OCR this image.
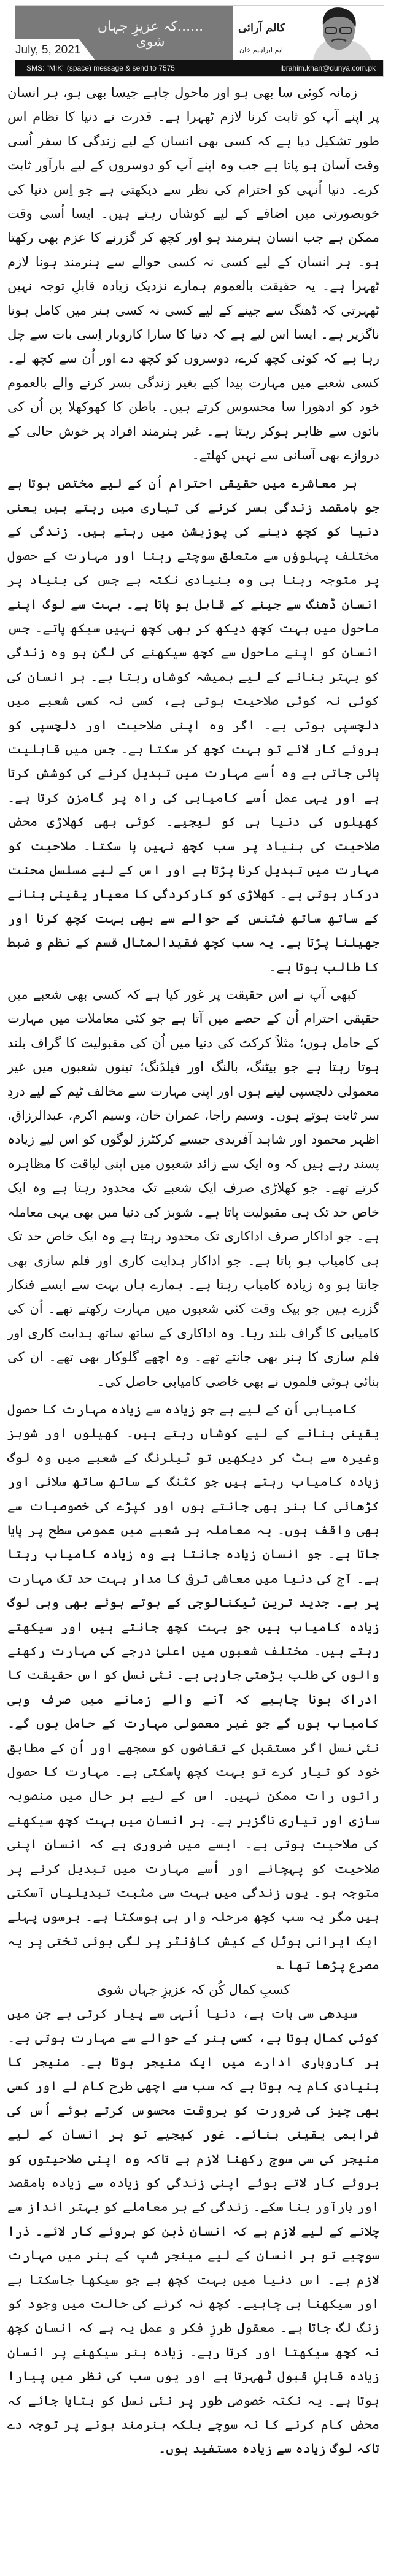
......کہ عزیزِ جہاں شوی
July, 5, 2021
کالم آرائی
ایم ابراہیم خان
SMS: "MIK" (space) message & send to 7575	ibrahim.khan@dunya.com.pk

زمانہ کوئی سا بھی ہو اور ماحول چاہے جیسا بھی ہو، ہر انسان پر اپنے آپ کو ثابت کرنا لازم ٹھہرا ہے۔ قدرت نے دنیا کا نظام اس طور تشکیل دیا ہے کہ کسی بھی انسان کے لیے زندگی کا سفر اُسی وقت آسان ہو پاتا ہے جب وہ اپنے آپ کو دوسروں کے لیے بارآور ثابت کرے۔ دنیا اُنہی کو احترام کی نظر سے دیکھتی ہے جو اِس دنیا کی خوبصورتی میں اضافے کے لیے کوشاں رہتے ہیں۔ ایسا اُسی وقت ممکن ہے جب انسان ہنرمند ہو اور کچھ کر گزرنے کا عزم بھی رکھتا ہو۔ ہر انسان کے لیے کسی نہ کسی حوالے سے ہنرمند ہونا لازم ٹھہرا ہے۔ یہ حقیقت بالعموم ہمارے نزدیک زیادہ قابلِ توجہ نہیں ٹھہرتی کہ ڈھنگ سے جینے کے لیے کسی نہ کسی ہنر میں کامل ہونا ناگزیر ہے۔ ایسا اس لیے ہے کہ دنیا کا سارا کاروبار اِسی بات سے چل رہا ہے کہ کوئی کچھ کرے، دوسروں کو کچھ دے اور اُن سے کچھ لے۔ کسی شعبے میں مہارت پیدا کیے بغیر زندگی بسر کرنے والے بالعموم خود کو ادھورا سا محسوس کرتے ہیں۔ باطن کا کھوکھلا پن اُن کی باتوں سے ظاہر ہوکر رہتا ہے۔ غیر ہنرمند افراد پر خوش حالی کے دروازے بھی آسانی سے نہیں کھلتے۔

ہر معاشرے میں حقیقی احترام اُن کے لیے مختص ہوتا ہے جو بامقصد زندگی بسر کرنے کی تیاری میں رہتے ہیں یعنی دنیا کو کچھ دینے کی پوزیشن میں رہتے ہیں۔ زندگی کے مختلف پہلوؤں سے متعلق سوچتے رہنا اور مہارت کے حصول پر متوجہ رہنا ہی وہ بنیادی نکتہ ہے جس کی بنیاد پر انسان ڈھنگ سے جینے کے قابل ہو پاتا ہے۔ بہت سے لوگ اپنے ماحول میں بہت کچھ دیکھ کر بھی کچھ نہیں سیکھ پاتے۔ جس انسان کو اپنے ماحول سے کچھ سیکھنے کی لگن ہو وہ زندگی کو بہتر بنانے کے لیے ہمیشہ کوشاں رہتا ہے۔ ہر انسان کی کوئی نہ کوئی صلاحیت ہوتی ہے، کسی نہ کسی شعبے میں دلچسپی ہوتی ہے۔ اگر وہ اپنی صلاحیت اور دلچسپی کو بروئے کار لائے تو بہت کچھ کر سکتا ہے۔ جس میں قابلیت پائی جاتی ہے وہ اُسے مہارت میں تبدیل کرنے کی کوشش کرتا ہے اور یہی عمل اُسے کامیابی کی راہ پر گامزن کرتا ہے۔ کھیلوں کی دنیا ہی کو لیجیے۔ کوئی بھی کھلاڑی محض صلاحیت کی بنیاد پر سب کچھ نہیں پا سکتا۔ صلاحیت کو مہارت میں تبدیل کرنا پڑتا ہے اور اس کے لیے مسلسل محنت درکار ہوتی ہے۔ کھلاڑی کو کارکردگی کا معیار یقینی بنانے کے ساتھ ساتھ فٹنس کے حوالے سے بھی بہت کچھ کرنا اور جھیلنا پڑتا ہے۔ یہ سب کچھ فقیدالمثال قسم کے نظم و ضبط کا طالب ہوتا ہے۔

کبھی آپ نے اس حقیقت پر غور کیا ہے کہ کسی بھی شعبے میں حقیقی احترام اُن کے حصے میں آتا ہے جو کئی معاملات میں مہارت کے حامل ہوں؛ مثلاً کرکٹ کی دنیا میں اُن کی مقبولیت کا گراف بلند ہوتا رہتا ہے جو بیٹنگ، بالنگ اور فیلڈنگ؛ تینوں شعبوں میں غیر معمولی دلچسپی لیتے ہوں اور اپنی مہارت سے مخالف ٹیم کے لیے دردِ سر ثابت ہوتے ہوں۔ وسیم راجا، عمران خان، وسیم اکرم، عبدالرزاق، اظہر محمود اور شاہد آفریدی جیسے کرکٹرز لوگوں کو اس لیے زیادہ پسند رہے ہیں کہ وہ ایک سے زائد شعبوں میں اپنی لیاقت کا مظاہرہ کرتے تھے۔ جو کھلاڑی صرف ایک شعبے تک محدود رہتا ہے وہ ایک خاص حد تک ہی مقبولیت پاتا ہے۔ شوبز کی دنیا میں بھی یہی معاملہ ہے۔ جو اداکار صرف اداکاری تک محدود رہتا ہے وہ ایک خاص حد تک ہی کامیاب ہو پاتا ہے۔ جو اداکار ہدایت کاری اور فلم سازی بھی جانتا ہو وہ زیادہ کامیاب رہتا ہے۔ ہمارے ہاں بہت سے ایسے فنکار گزرے ہیں جو بیک وقت کئی شعبوں میں مہارت رکھتے تھے۔ اُن کی کامیابی کا گراف بلند رہا۔ وہ اداکاری کے ساتھ ساتھ ہدایت کاری اور فلم سازی کا ہنر بھی جانتے تھے۔ وہ اچھے گلوکار بھی تھے۔ ان کی بنائی ہوئی فلموں نے بھی خاصی کامیابی حاصل کی۔

کامیابی اُن کے لیے ہے جو زیادہ سے زیادہ مہارت کا حصول یقینی بنانے کے لیے کوشاں رہتے ہیں۔ کھیلوں اور شوبز وغیرہ سے ہٹ کر دیکھیں تو ٹیلرنگ کے شعبے میں وہ لوگ زیادہ کامیاب رہتے ہیں جو کٹنگ کے ساتھ ساتھ سلائی اور کڑھائی کا ہنر بھی جانتے ہوں اور کپڑے کی خصوصیات سے بھی واقف ہوں۔ یہ معاملہ ہر شعبے میں عمومی سطح پر پایا جاتا ہے۔ جو انسان زیادہ جانتا ہے وہ زیادہ کامیاب رہتا ہے۔ آج کی دنیا میں معاشی ترقی کا مدار بہت حد تک مہارت پر ہے۔ جدید ترین ٹیکنالوجی کے ہوتے ہوئے بھی وہی لوگ زیادہ کامیاب ہیں جو بہت کچھ جانتے ہیں اور سیکھتے رہتے ہیں۔ مختلف شعبوں میں اعلیٰ درجے کی مہارت رکھنے والوں کی طلب بڑھتی جارہی ہے۔ نئی نسل کو اس حقیقت کا ادراک ہونا چاہیے کہ آنے والے زمانے میں صرف وہی کامیاب ہوں گے جو غیر معمولی مہارت کے حامل ہوں گے۔ نئی نسل اگر مستقبل کے تقاضوں کو سمجھے اور اُن کے مطابق خود کو تیار کرے تو بہت کچھ پاسکتی ہے۔ مہارت کا حصول راتوں رات ممکن نہیں۔ اس کے لیے ہر حال میں منصوبہ سازی اور تیاری ناگزیر ہے۔ ہر انسان میں بہت کچھ سیکھنے کی صلاحیت ہوتی ہے۔ ایسے میں ضروری ہے کہ انسان اپنی صلاحیت کو پہچانے اور اُسے مہارت میں تبدیل کرنے پر متوجہ ہو۔ یوں زندگی میں بہت سی مثبت تبدیلیاں آسکتی ہیں مگر یہ سب کچھ مرحلہ وار ہی ہوسکتا ہے۔ برسوں پہلے ایک ایرانی ہوٹل کے کیش کاؤنٹر پر لگی ہوئی تختی پر یہ مصرع پڑھا تھا ؎

کسبِ کمال کُن کہ عزیزِ جہاں شوی

سیدھی سی بات ہے، دنیا اُنہی سے پیار کرتی ہے جن میں کوئی کمال ہوتا ہے، کسی ہنر کے حوالے سے مہارت ہوتی ہے۔ ہر کاروباری ادارے میں ایک منیجر ہوتا ہے۔ منیجر کا بنیادی کام یہ ہوتا ہے کہ سب سے اچھی طرح کام لے اور کسی بھی چیز کی ضرورت کو بروقت محسوس کرتے ہوئے اُس کی فراہمی یقینی بنائے۔ غور کیجیے تو ہر انسان کے لیے منیجر کی سی سوچ رکھنا لازم ہے تاکہ وہ اپنی صلاحیتوں کو بروئے کار لاتے ہوئے اپنی زندگی کو زیادہ سے زیادہ بامقصد اور بارآور بنا سکے۔ زندگی کے ہر معاملے کو بہتر انداز سے چلانے کے لیے لازم ہے کہ انسان ذہن کو بروئے کار لائے۔ ذرا سوچیے تو ہر انسان کے لیے مینجر شپ کے ہنر میں مہارت لازم ہے۔ اس دنیا میں بہت کچھ ہے جو سیکھا جاسکتا ہے اور سیکھنا ہی چاہیے۔ کچھ نہ کرنے کی حالت میں وجود کو زنگ لگ جاتا ہے۔ معقول طرزِ فکر و عمل یہ ہے کہ انسان کچھ نہ کچھ سیکھتا اور کرتا رہے۔ زیادہ ہنر سیکھنے پر انسان زیادہ قابلِ قبول ٹھہرتا ہے اور یوں سب کی نظر میں پیارا ہوتا ہے۔ یہ نکتہ خصوصی طور پر نئی نسل کو بتایا جائے کہ محض کام کرنے کا نہ سوچے بلکہ ہنرمند ہونے پر توجہ دے تاکہ لوگ زیادہ سے زیادہ مستفید ہوں۔
